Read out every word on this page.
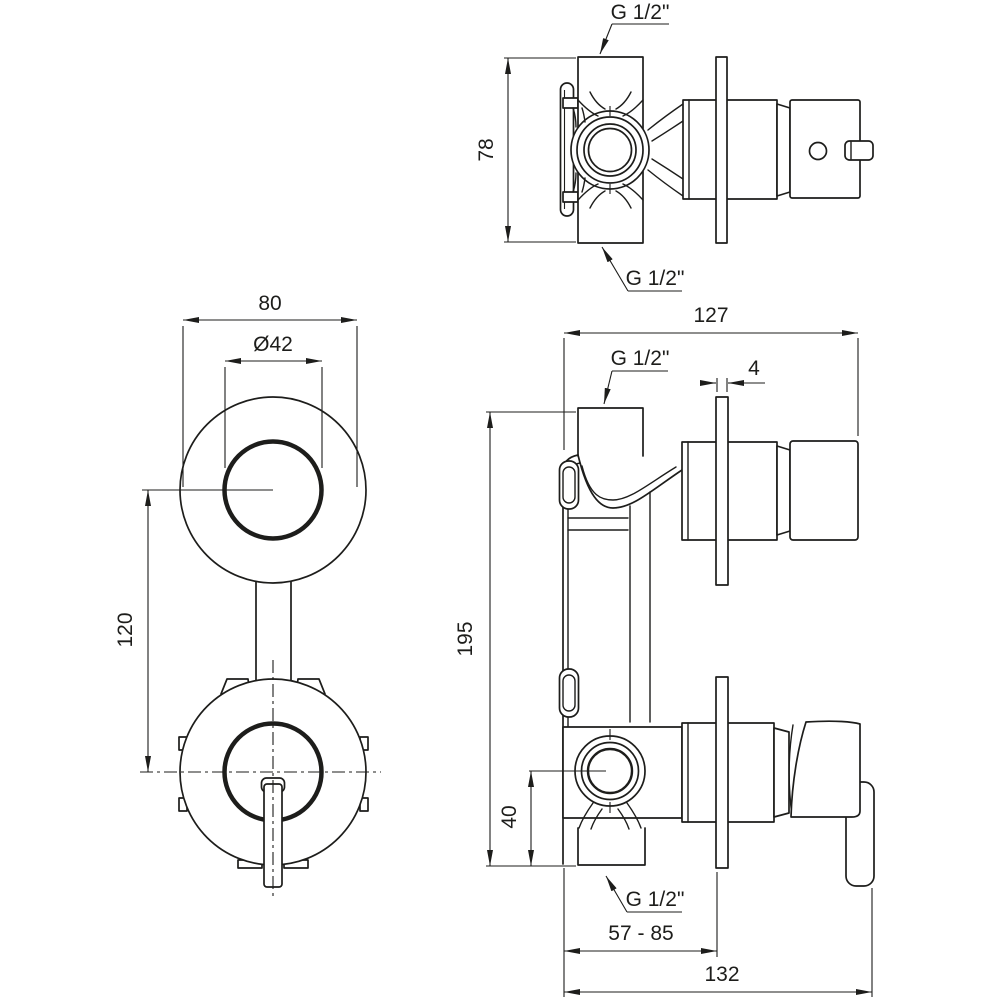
78
G 1/2"
G 1/2"
80
Ø42
120
127
4
G 1/2"
195
40
G 1/2"
57 - 85
132
